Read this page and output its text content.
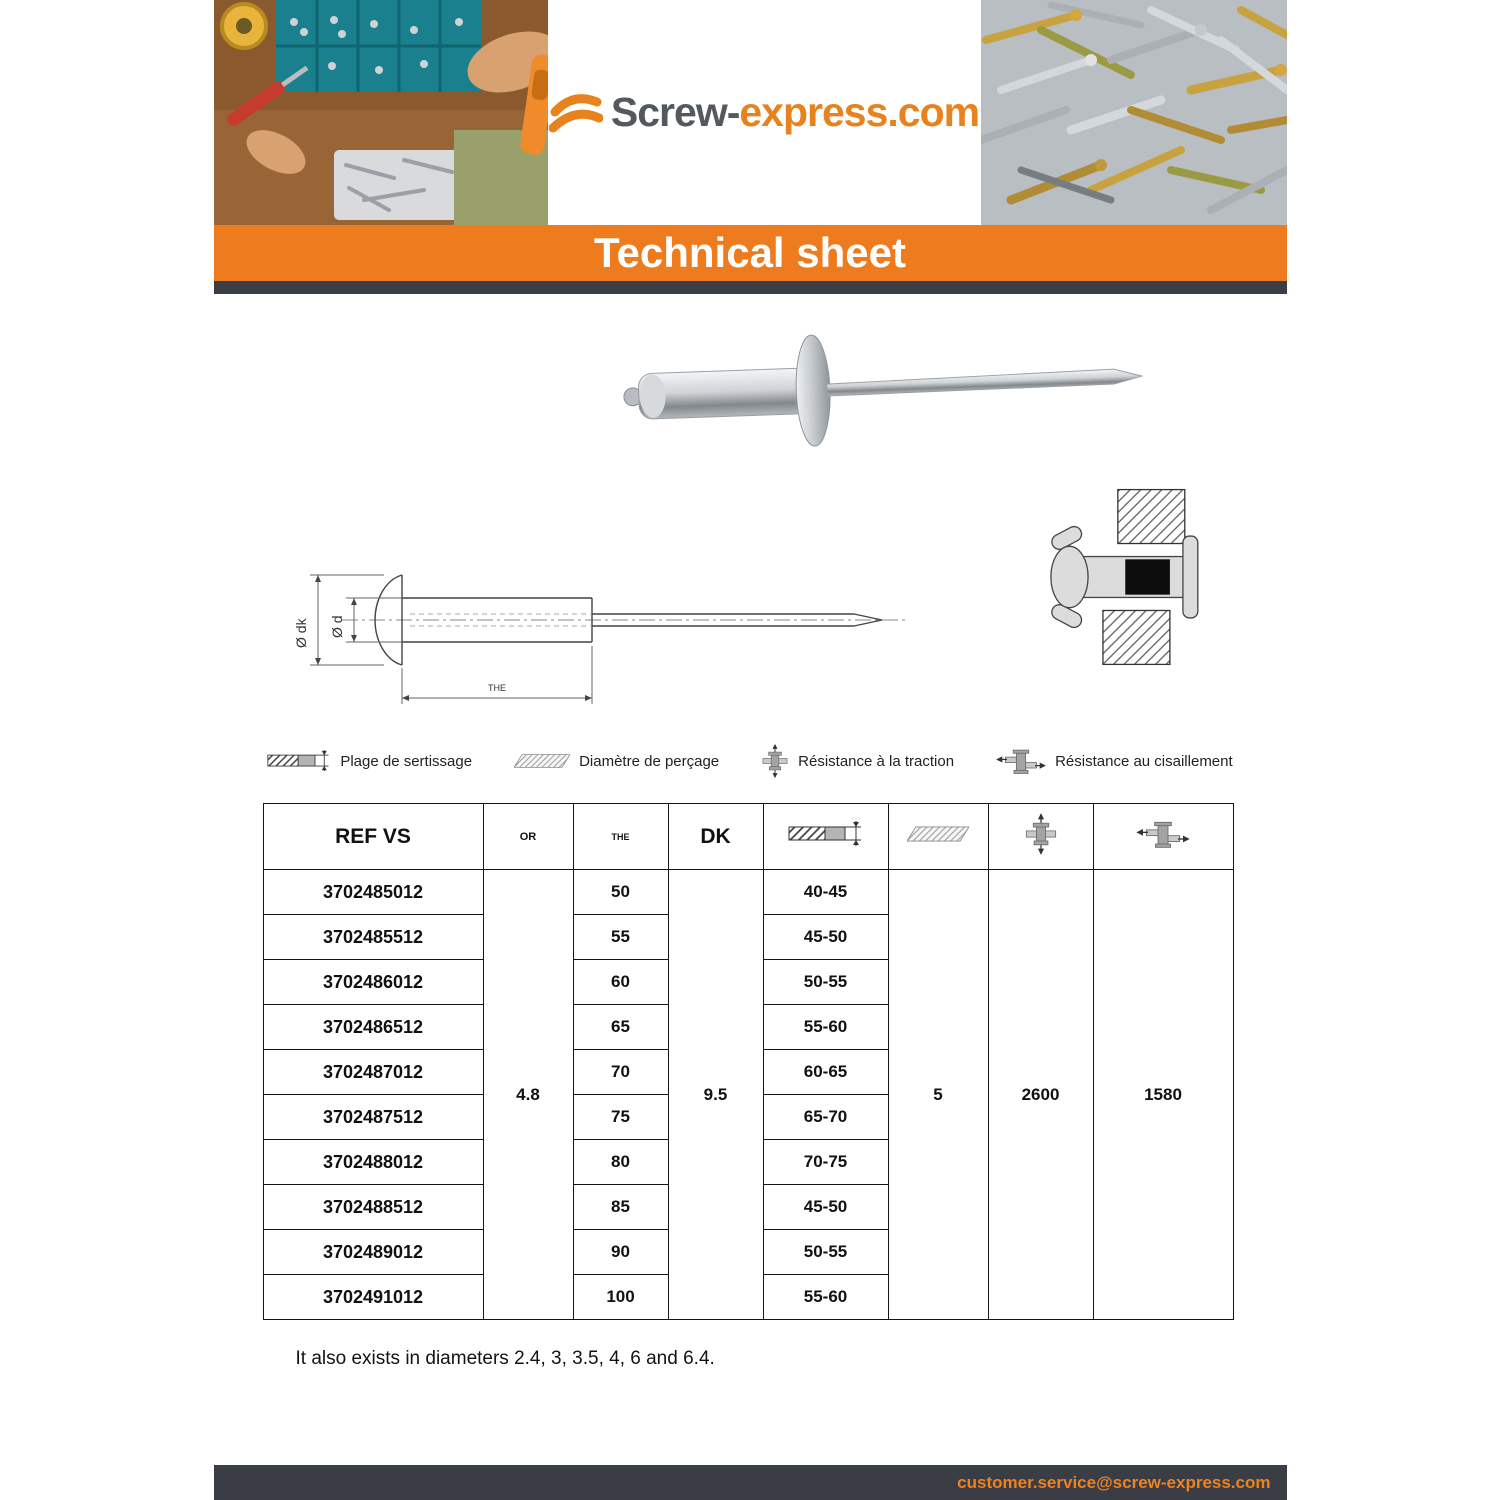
Screw-express.com
Technical sheet
Ø d
Ø dk
THE
Plage de sertissage	Diamètre de perçage	Résistance à la traction	Résistance au cisaillement
REF VS	OR	THE	DK				
3702485012	4.8	50	9.5	40-45	5	2600	1580
3702485512		55		45-50			
3702486012		60		50-55			
3702486512		65		55-60			
3702487012		70		60-65			
3702487512		75		65-70			
3702488012		80		70-75			
3702488512		85		45-50			
3702489012		90		50-55			
3702491012		100		55-60			

It also exists in diameters 2.4, 3, 3.5, 4, 6 and 6.4.

customer.service@screw-express.com
